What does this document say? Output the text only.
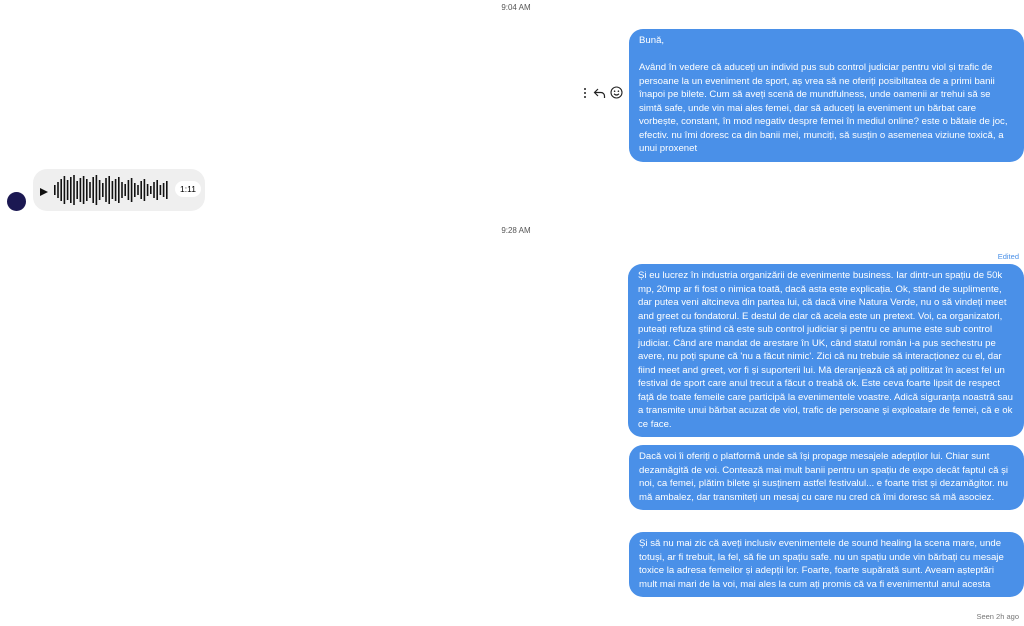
9:04 AM
Bună,

Având în vedere că aduceți un individ pus sub control judiciar pentru viol și trafic de persoane la un eveniment de sport, aș vrea să ne oferiți posibiltatea de a primi banii înapoi pe bilete. Cum să aveți scenă de mundfulness, unde oamenii ar trehui să se simtă safe, unde vin mai ales femei, dar să aduceți la eveniment un bărbat care vorbește, constant, în mod negativ despre femei în mediul online? este o bătaie de joc, efectiv. nu îmi doresc ca din banii mei, munciți, să susțin o asemenea viziune toxică, a unui proxenet
1:11
9:28 AM
Edited
Și eu lucrez în industria organizării de evenimente business. Iar dintr-un spațiu de 50k mp, 20mp ar fi fost o nimica toată, dacă asta este explicația. Ok, stand de suplimente, dar putea veni altcineva din partea lui, că dacă vine Natura Verde, nu o să vindeți meet and greet cu fondatorul. E destul de clar că acela este un pretext. Voi, ca organizatori, puteați refuza știind că este sub control judiciar și pentru ce anume este sub control judiciar. Când are mandat de arestare în UK, când statul român i-a pus sechestru pe avere, nu poți spune că 'nu a făcut nimic'. Zici că nu trebuie să interacționez cu el, dar fiind meet and greet, vor fi și suporterii lui. Mă deranjează că ați politizat în acest fel un festival de sport care anul trecut a făcut o treabă ok. Este ceva foarte lipsit de respect față de toate femeile care participă la evenimentele voastre. Adică siguranța noastră sau a transmite unui bărbat acuzat de viol, trafic de persoane și exploatare de femei, că e ok ce face.
Dacă voi îi oferiți o platformă unde să își propage mesajele adepților lui. Chiar sunt dezamăgită de voi. Contează mai mult banii pentru un spațiu de expo decât faptul că și noi, ca femei, plătim bilete și susținem astfel festivalul... e foarte trist și dezamăgitor. nu mă ambalez, dar transmiteți un mesaj cu care nu cred că îmi doresc să mă asociez.
Și să nu mai zic că aveți inclusiv evenimentele de sound healing la scena mare, unde totuși, ar fi trebuit, la fel, să fie un spațiu safe. nu un spațiu unde vin bărbați cu mesaje toxice la adresa femeilor și adepții lor. Foarte, foarte supărată sunt. Aveam așteptări mult mai mari de la voi, mai ales la cum ați promis că va fi evenimentul anul acesta
Seen 2h ago
